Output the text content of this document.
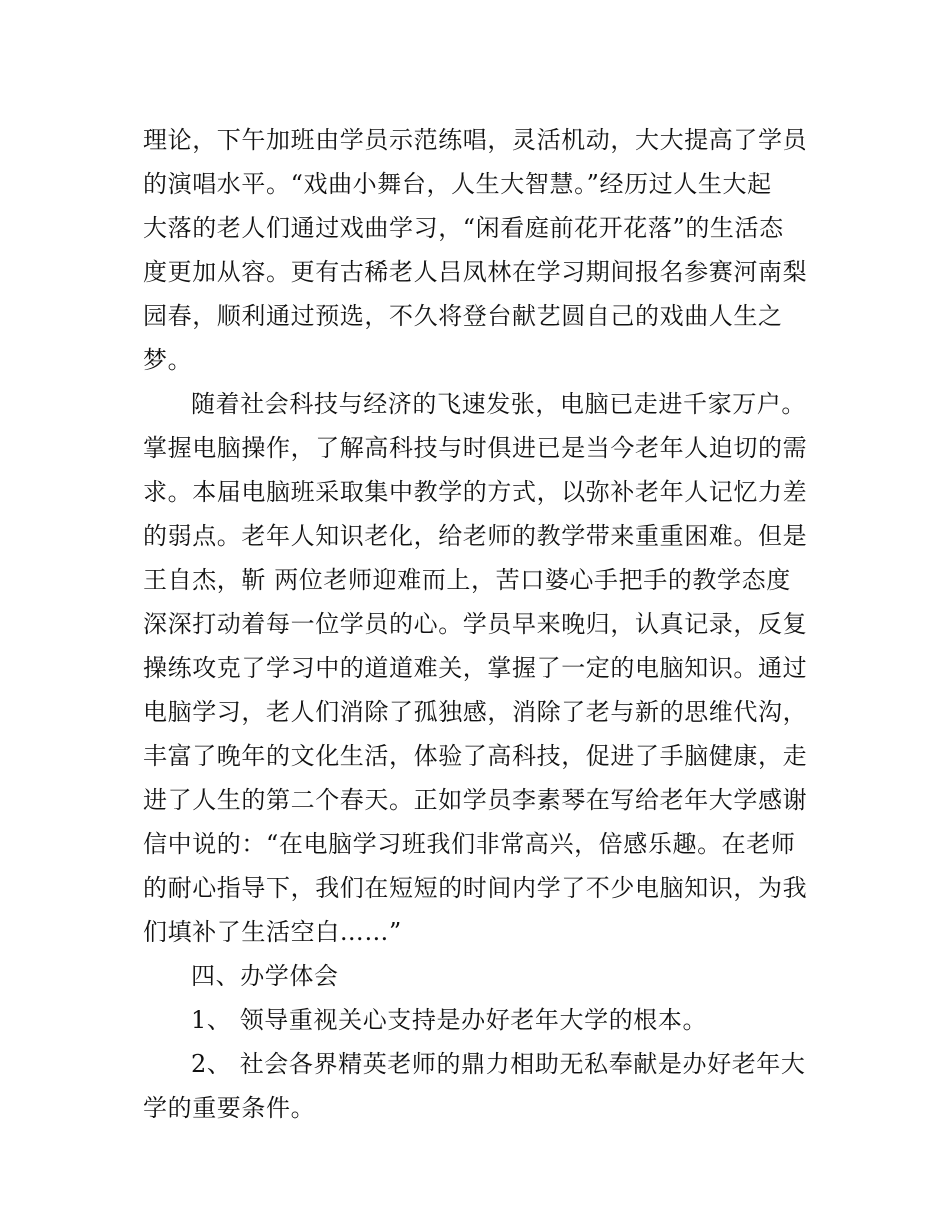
理论，下午加班由学员示范练唱，灵活机动，大大提高了学员
的演唱水平。“戏曲小舞台，人生大智慧。”经历过人生大起
大落的老人们通过戏曲学习，“闲看庭前花开花落”的生活态
度更加从容。更有古稀老人吕凤林在学习期间报名参赛河南梨
园春，顺利通过预选，不久将登台献艺圆自己的戏曲人生之
梦。
随着社会科技与经济的飞速发张，电脑已走进千家万户。
掌握电脑操作，了解高科技与时俱进已是当今老年人迫切的需
求。本届电脑班采取集中教学的方式，以弥补老年人记忆力差
的弱点。老年人知识老化，给老师的教学带来重重困难。但是
王自杰，靳 两位老师迎难而上，苦口婆心手把手的教学态度
深深打动着每一位学员的心。学员早来晚归，认真记录，反复
操练攻克了学习中的道道难关，掌握了一定的电脑知识。通过
电脑学习，老人们消除了孤独感，消除了老与新的思维代沟，
丰富了晚年的文化生活，体验了高科技，促进了手脑健康，走
进了人生的第二个春天。正如学员李素琴在写给老年大学感谢
信中说的：“在电脑学习班我们非常高兴，倍感乐趣。在老师
的耐心指导下，我们在短短的时间内学了不少电脑知识，为我
们填补了生活空白……”
四、办学体会
1、 领导重视关心支持是办好老年大学的根本。
2、 社会各界精英老师的鼎力相助无私奉献是办好老年大
学的重要条件。
